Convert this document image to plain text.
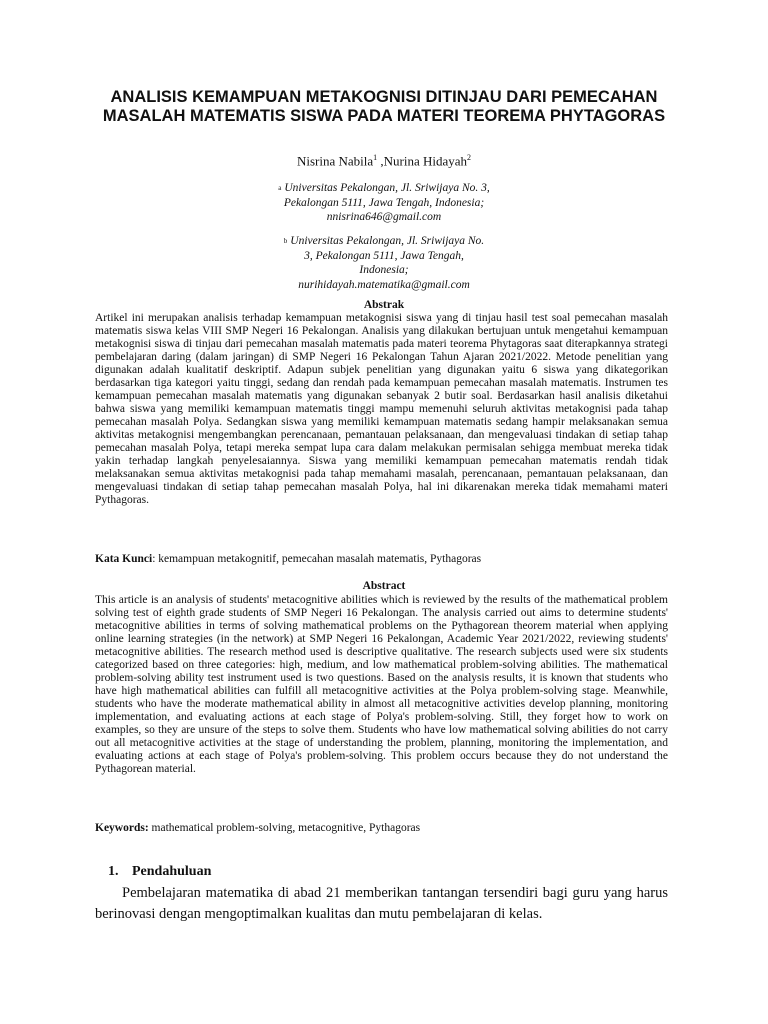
ANALISIS KEMAMPUAN METAKOGNISI DITINJAU DARI PEMECAHAN MASALAH MATEMATIS SISWA PADA MATERI TEOREMA PHYTAGORAS
Nisrina Nabila$^1$ ,Nurina Hidayah$^2$
$^a$ Universitas Pekalongan, Jl. Sriwijaya No. 3,
Pekalongan 5111, Jawa Tengah, Indonesia;
nnisrina646@gmail.com
$^b$ Universitas Pekalongan, Jl. Sriwijaya No.
3, Pekalongan 5111, Jawa Tengah,
Indonesia;
nurihidayah.matematika@gmail.com
Abstrak

Artikel ini merupakan analisis terhadap kemampuan metakognisi siswa yang di tinjau hasil test soal pemecahan masalah matematis siswa kelas VIII SMP Negeri 16 Pekalongan. Analisis yang dilakukan bertujuan untuk mengetahui kemampuan metakognisi siswa di tinjau dari pemecahan masalah matematis pada materi teorema Phytagoras saat diterapkannya strategi pembelajaran daring (dalam jaringan) di SMP Negeri 16 Pekalongan Tahun Ajaran 2021/2022. Metode penelitian yang digunakan adalah kualitatif deskriptif. Adapun subjek penelitian yang digunakan yaitu 6 siswa yang dikategorikan berdasarkan tiga kategori yaitu tinggi, sedang dan rendah pada kemampuan pemecahan masalah matematis. Instrumen tes kemampuan pemecahan masalah matematis yang digunakan sebanyak 2 butir soal. Berdasarkan hasil analisis diketahui bahwa siswa yang memiliki kemampuan matematis tinggi mampu memenuhi seluruh aktivitas metakognisi pada tahap pemecahan masalah Polya. Sedangkan siswa yang memiliki kemampuan matematis sedang hampir melaksanakan semua aktivitas metakognisi mengembangkan perencanaan, pemantauan pelaksanaan, dan mengevaluasi tindakan di setiap tahap pemecahan masalah Polya, tetapi mereka sempat lupa cara dalam melakukan permisalan sehigga membuat mereka tidak yakin terhadap langkah penyelesaiannya. Siswa yang memiliki kemampuan pemecahan matematis rendah tidak melaksanakan semua aktivitas metakognisi pada tahap memahami masalah, perencanaan, pemantauan pelaksanaan, dan mengevaluasi tindakan di setiap tahap pemecahan masalah Polya, hal ini dikarenakan mereka tidak memahami materi Pythagoras.

Kata Kunci: kemampuan metakognitif, pemecahan masalah matematis, Pythagoras
Abstract

This article is an analysis of students' metacognitive abilities which is reviewed by the results of the mathematical problem solving test of eighth grade students of SMP Negeri 16 Pekalongan. The analysis carried out aims to determine students' metacognitive abilities in terms of solving mathematical problems on the Pythagorean theorem material when applying online learning strategies (in the network) at SMP Negeri 16 Pekalongan, Academic Year 2021/2022, reviewing students' metacognitive abilities. The research method used is descriptive qualitative. The research subjects used were six students categorized based on three categories: high, medium, and low mathematical problem-solving abilities. The mathematical problem-solving ability test instrument used is two questions. Based on the analysis results, it is known that students who have high mathematical abilities can fulfill all metacognitive activities at the Polya problem-solving stage. Meanwhile, students who have the moderate mathematical ability in almost all metacognitive activities develop planning, monitoring implementation, and evaluating actions at each stage of Polya's problem-solving. Still, they forget how to work on examples, so they are unsure of the steps to solve them. Students who have low mathematical solving abilities do not carry out all metacognitive activities at the stage of understanding the problem, planning, monitoring the implementation, and evaluating actions at each stage of Polya's problem-solving. This problem occurs because they do not understand the Pythagorean material.

Keywords: mathematical problem-solving, metacognitive, Pythagoras
1. Pendahuluan

Pembelajaran matematika di abad 21 memberikan tantangan tersendiri bagi guru yang harus berinovasi dengan mengoptimalkan kualitas dan mutu pembelajaran di kelas.
